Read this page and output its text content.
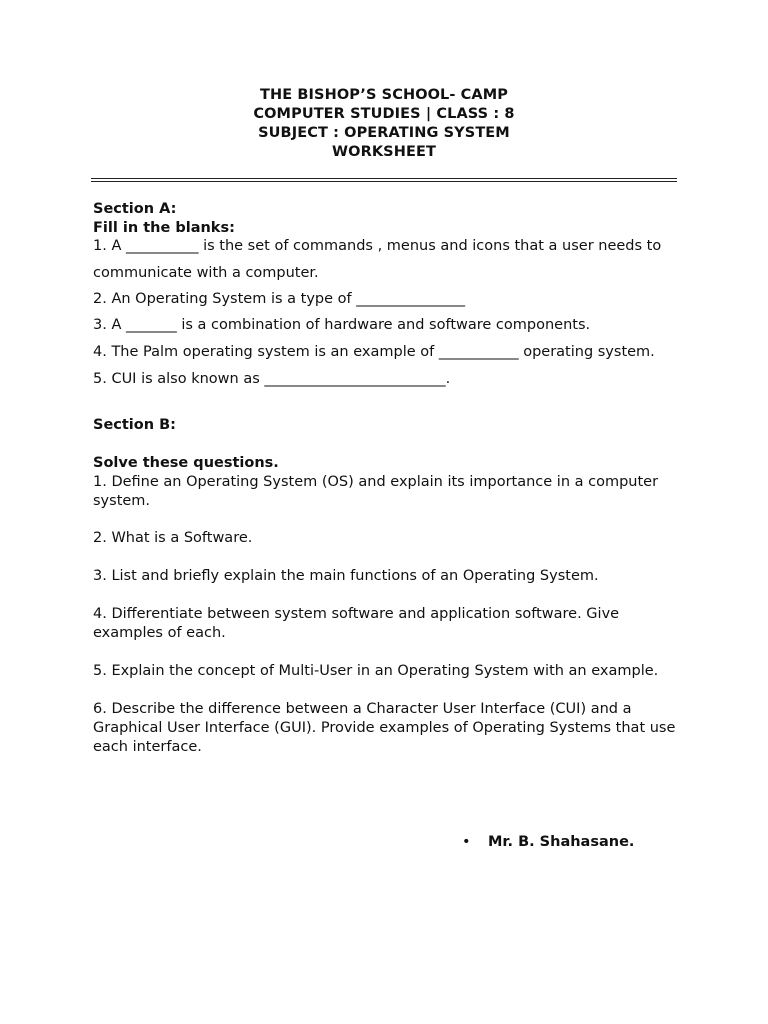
THE BISHOP’S SCHOOL- CAMP
COMPUTER STUDIES | CLASS : 8
SUBJECT : OPERATING SYSTEM
WORKSHEET
Section A:
Fill in the blanks:
1. A __________ is the set of commands , menus and icons that a user needs to
communicate with a computer.
2. An Operating System is a type of _______________
3. A _______ is a combination of hardware and software components.
4. The Palm operating system is an example of ___________ operating system.
5. CUI is also known as _________________________.
Section B:
Solve these questions.
1. Define an Operating System (OS) and explain its importance in a computer system.
2. What is a Software.
3. List and briefly explain the main functions of an Operating System.
4. Differentiate between system software and application software. Give examples of each.
5. Explain the concept of Multi-User in an Operating System with an example.
6. Describe the difference between a Character User Interface (CUI) and a Graphical User Interface (GUI). Provide examples of Operating Systems that use each interface.
• Mr. B. Shahasane.
